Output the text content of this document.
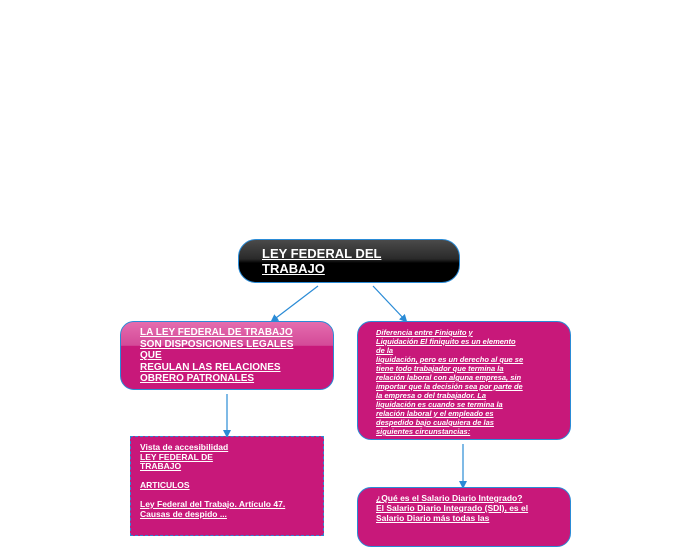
LEY FEDERAL DEL
TRABAJO
LA LEY FEDERAL DE TRABAJO
SON DISPOSICIONES LEGALES
QUE
REGULAN LAS RELACIONES
OBRERO PATRONALES
Diferencia entre Finiquito y
Liquidación El finiquito es un elemento
de la
liquidación, pero es un derecho al que se
tiene todo trabajador que termina la
relación laboral con alguna empresa, sin
importar que la decisión sea por parte de
la empresa o del trabajador. La
liquidación es cuando se termina la
relación laboral y el empleado es
despedido bajo cualquiera de las
siguientes circunstancias:
Vista de accesibilidad
LEY FEDERAL DE
TRABAJO

ARTICULOS

Ley Federal del Trabajo. Artículo 47.
Causas de despido ...
¿Qué es el Salario Diario Integrado?
El Salario Diario Integrado (SDI), es el
Salario Diario más todas las
